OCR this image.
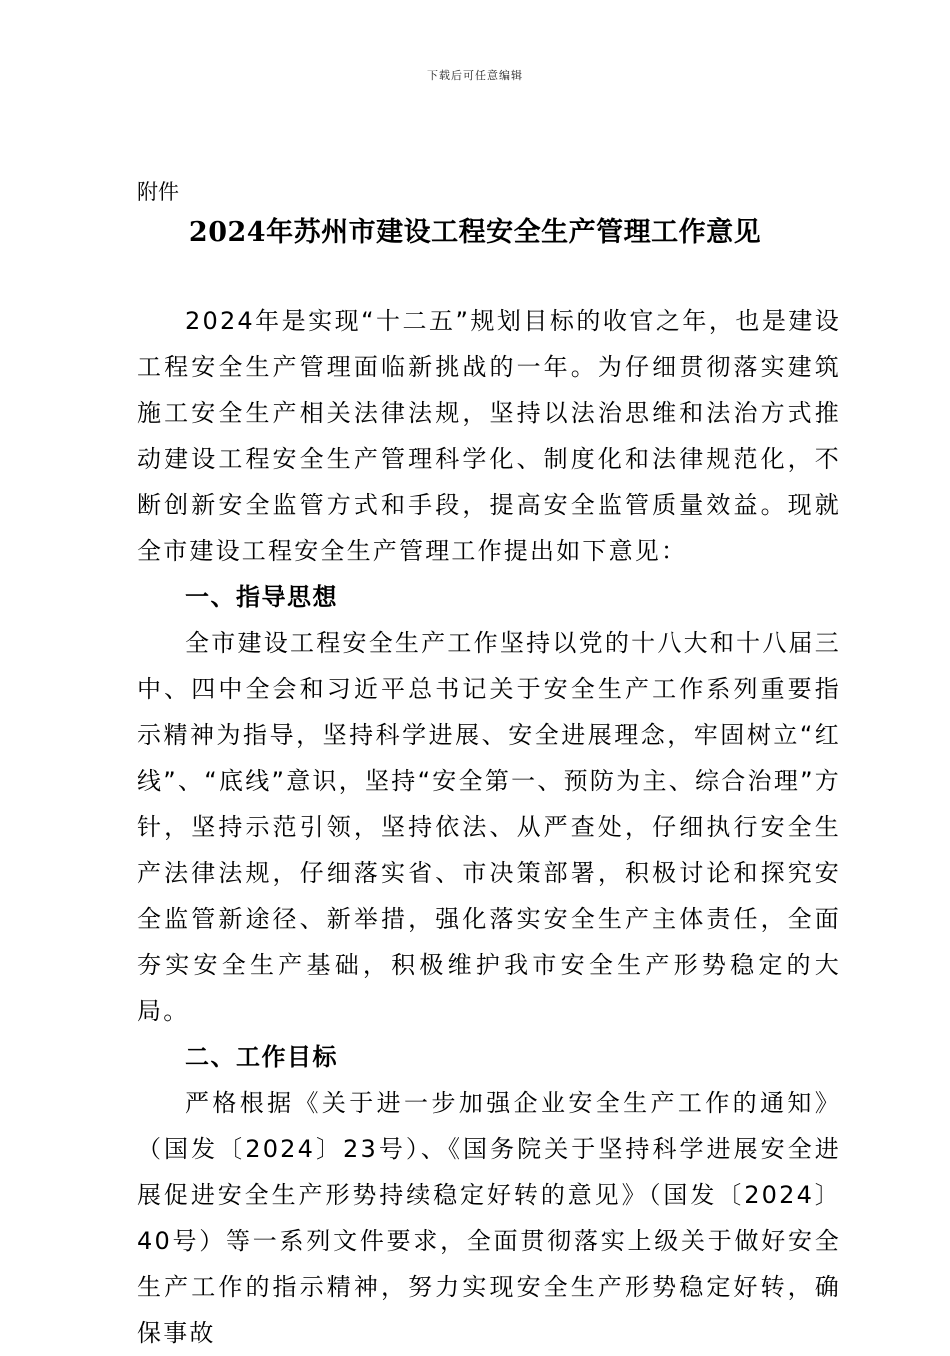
下载后可任意编辑
附件
2024年苏州市建设工程安全生产管理工作意见

2024年是实现“十二五”规划目标的收官之年，也是建设工程安全生产管理面临新挑战的一年。为仔细贯彻落实建筑施工安全生产相关法律法规，坚持以法治思维和法治方式推动建设工程安全生产管理科学化、制度化和法律规范化，不断创新安全监管方式和手段，提高安全监管质量效益。现就全市建设工程安全生产管理工作提出如下意见：

一、指导思想

全市建设工程安全生产工作坚持以党的十八大和十八届三中、四中全会和习近平总书记关于安全生产工作系列重要指示精神为指导，坚持科学进展、安全进展理念，牢固树立“红线”、“底线”意识，坚持“安全第一、预防为主、综合治理”方针，坚持示范引领，坚持依法、从严查处，仔细执行安全生产法律法规，仔细落实省、市决策部署，积极讨论和探究安全监管新途径、新举措，强化落实安全生产主体责任，全面夯实安全生产基础，积极维护我市安全生产形势稳定的大局。

二、工作目标

严格根据《关于进一步加强企业安全生产工作的通知》（国发〔2024〕23号）、《国务院关于坚持科学进展安全进展促进安全生产形势持续稳定好转的意见》（国发〔2024〕40号）等一系列文件要求，全面贯彻落实上级关于做好安全生产工作的指示精神，努力实现安全生产形势稳定好转，确保事故
